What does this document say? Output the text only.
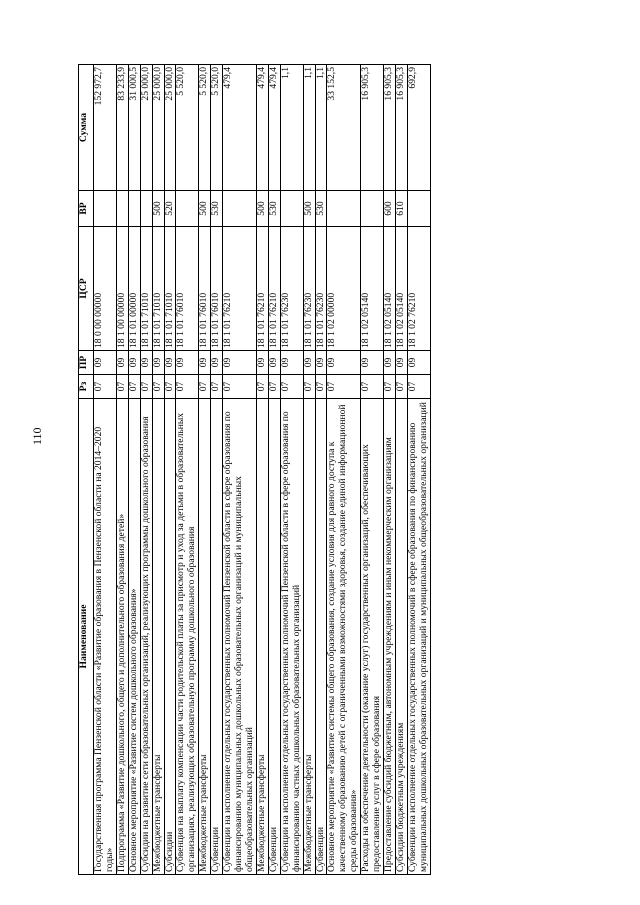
110
Наименование	Рз	ПР	ЦСР	ВР	Сумма
Государственная программа Пензенской области «Развитие образования в Пензенской области на 2014–2020 годы»	07	09	18 0 00 00000		152 972,7
Подпрограмма «Развитие дошкольного, общего и дополнительного образования детей»	07	09	18 1 00 00000		83 233,9
Основное мероприятие «Развитие систем дошкольного образования»	07	09	18 1 01 00000		31 000,5
Субсидии на развитие сети образовательных организаций, реализующих программы дошкольного образования	07	09	18 1 01 71010		25 000,0
Межбюджетные трансферты	07	09	18 1 01 71010	500	25 000,0
Субсидии	07	09	18 1 01 71010	520	25 000,0
Субвенция на выплату компенсации части родительской платы за присмотр и уход за детьми в образовательных организациях, реализующих образовательную программу дошкольного образования	07	09	18 1 01 76010		5 520,0
Межбюджетные трансферты	07	09	18 1 01 76010	500	5 520,0
Субвенции	07	09	18 1 01 76010	530	5 520,0
Субвенции на исполнение отдельных государственных полномочий Пензенской области в сфере образования по финансированию муниципальных дошкольных образовательных организаций и муниципальных общеобразовательных организаций	07	09	18 1 01 76210		479,4
Межбюджетные трансферты	07	09	18 1 01 76210	500	479,4
Субвенции	07	09	18 1 01 76210	530	479,4
Субвенции на исполнение отдельных государственных полномочий Пензенской области в сфере образования по финансированию частных дошкольных образовательных организаций	07	09	18 1 01 76230		1,1
Межбюджетные трансферты	07	09	18 1 01 76230	500	1,1
Субвенции	07	09	18 1 01 76230	530	1,1
Основное мероприятие «Развитие системы общего образования, создание условия для равного доступа к качественному образованию детей с ограниченными возможностями здоровья, создание единой информационной среды образования»	07	09	18 1 02 00000		33 152,5
Расходы на обеспечение деятельности (оказание услуг) государственных организаций, обеспечивающих предоставление услуг в сфере образования	07	09	18 1 02 05140		16 905,3
Предоставление субсидий бюджетным, автономным учреждениям и иным некоммерческим организациям	07	09	18 1 02 05140	600	16 905,3
Субсидии бюджетным учреждениям	07	09	18 1 02 05140	610	16 905,3
Субвенции на исполнение отдельных государственных полномочий в сфере образования по финансированию муниципальных дошкольных образовательных организаций и муниципальных общеобразовательных организаций	07	09	18 1 02 76210		692,9
